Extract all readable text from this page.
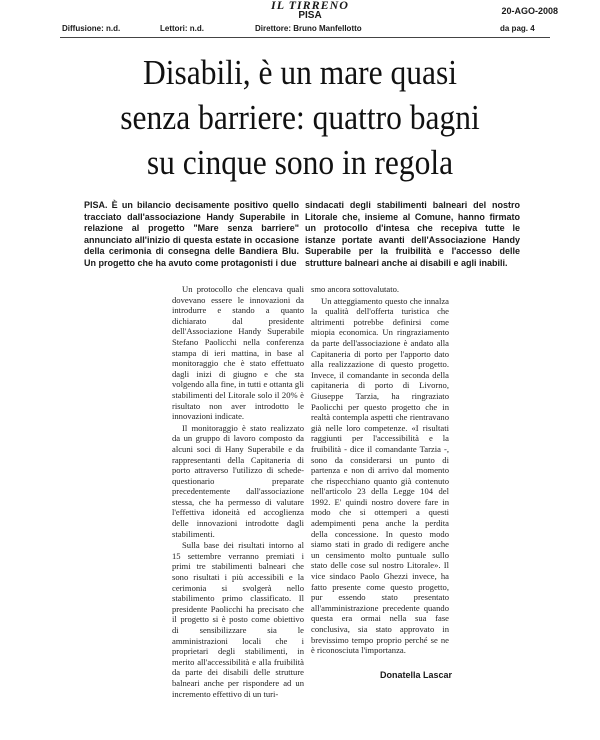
IL TIRRENO
PISA	20-AGO-2008
Diffusione: n.d.	Lettori: n.d.	Direttore: Bruno Manfellotto	da pag. 4
Disabili, è un mare quasi
senza barriere: quattro bagni
su cinque sono in regola
PISA. È un bilancio decisamente positivo quello tracciato dall'associazione Handy Superabile in relazione al progetto "Mare senza barriere" annunciato all'inizio di questa estate in occasione della cerimonia di consegna delle Bandiera Blu. Un progetto che ha avuto come protagonisti i due
sindacati degli stabilimenti balneari del nostro Litorale che, insieme al Comune, hanno firmato un protocollo d'intesa che recepiva tutte le istanze portate avanti dell'Associazione Handy Superabile per la fruibilità e l'accesso delle strutture balneari anche ai disabili e agli inabili.

Un protocollo che elencava quali dovevano essere le innovazioni da introdurre e stando a quanto dichiarato dal presidente dell'Associazione Handy Superabile Stefano Paolicchi nella conferenza stampa di ieri mattina, in base al monitoraggio che è stato effettuato dagli inizi di giugno e che sta volgendo alla fine, in tutti e ottanta gli stabilimenti del Litorale solo il 20% è risultato non aver introdotto le innovazioni indicate.

Il monitoraggio è stato realizzato da un gruppo di lavoro composto da alcuni soci di Hany Superabile e da rappresentanti della Capitaneria di porto attraverso l'utilizzo di schede-questionario preparate precedentemente dall'associazione stessa, che ha permesso di valutare l'effettiva idoneità ed accoglienza delle innovazioni introdotte dagli stabilimenti.

Sulla base dei risultati intorno al 15 settembre verranno premiati i primi tre stabilimenti balneari che sono risultati i più accessibili e la cerimonia si svolgerà nello stabilimento primo classificato. Il presidente Paolicchi ha precisato che il progetto si è posto come obiettivo di sensibilizzare sia le amministrazioni locali che i proprietari degli stabilimenti, in merito all'accessibilità e alla fruibilità da parte dei disabili delle strutture balneari anche per rispondere ad un incremento effettivo di un turi-

smo ancora sottovalutato.

Un atteggiamento questo che innalza la qualità dell'offerta turistica che altrimenti potrebbe definirsi come miopia economica. Un ringraziamento da parte dell'associazione è andato alla Capitaneria di porto per l'apporto dato alla realizzazione di questo progetto. Invece, il comandante in seconda della capitaneria di porto di Livorno, Giuseppe Tarzia, ha ringraziato Paolicchi per questo progetto che in realtà contempla aspetti che rientravano già nelle loro competenze. «I risultati raggiunti per l'accessibilità e la fruibilità - dice il comandante Tarzia -, sono da considerarsi un punto di partenza e non di arrivo dal momento che rispecchiano quanto già contenuto nell'articolo 23 della Legge 104 del 1992. E' quindi nostro dovere fare in modo che si ottemperi a questi adempimenti pena anche la perdita della concessione. In questo modo siamo stati in grado di redigere anche un censimento molto puntuale sullo stato delle cose sul nostro Litorale». Il vice sindaco Paolo Ghezzi invece, ha fatto presente come questo progetto, pur essendo stato presentato all'amministrazione precedente quando questa era ormai nella sua fase conclusiva, sia stato approvato in brevissimo tempo proprio perché se ne è riconosciuta l'importanza.

Donatella Lascar
